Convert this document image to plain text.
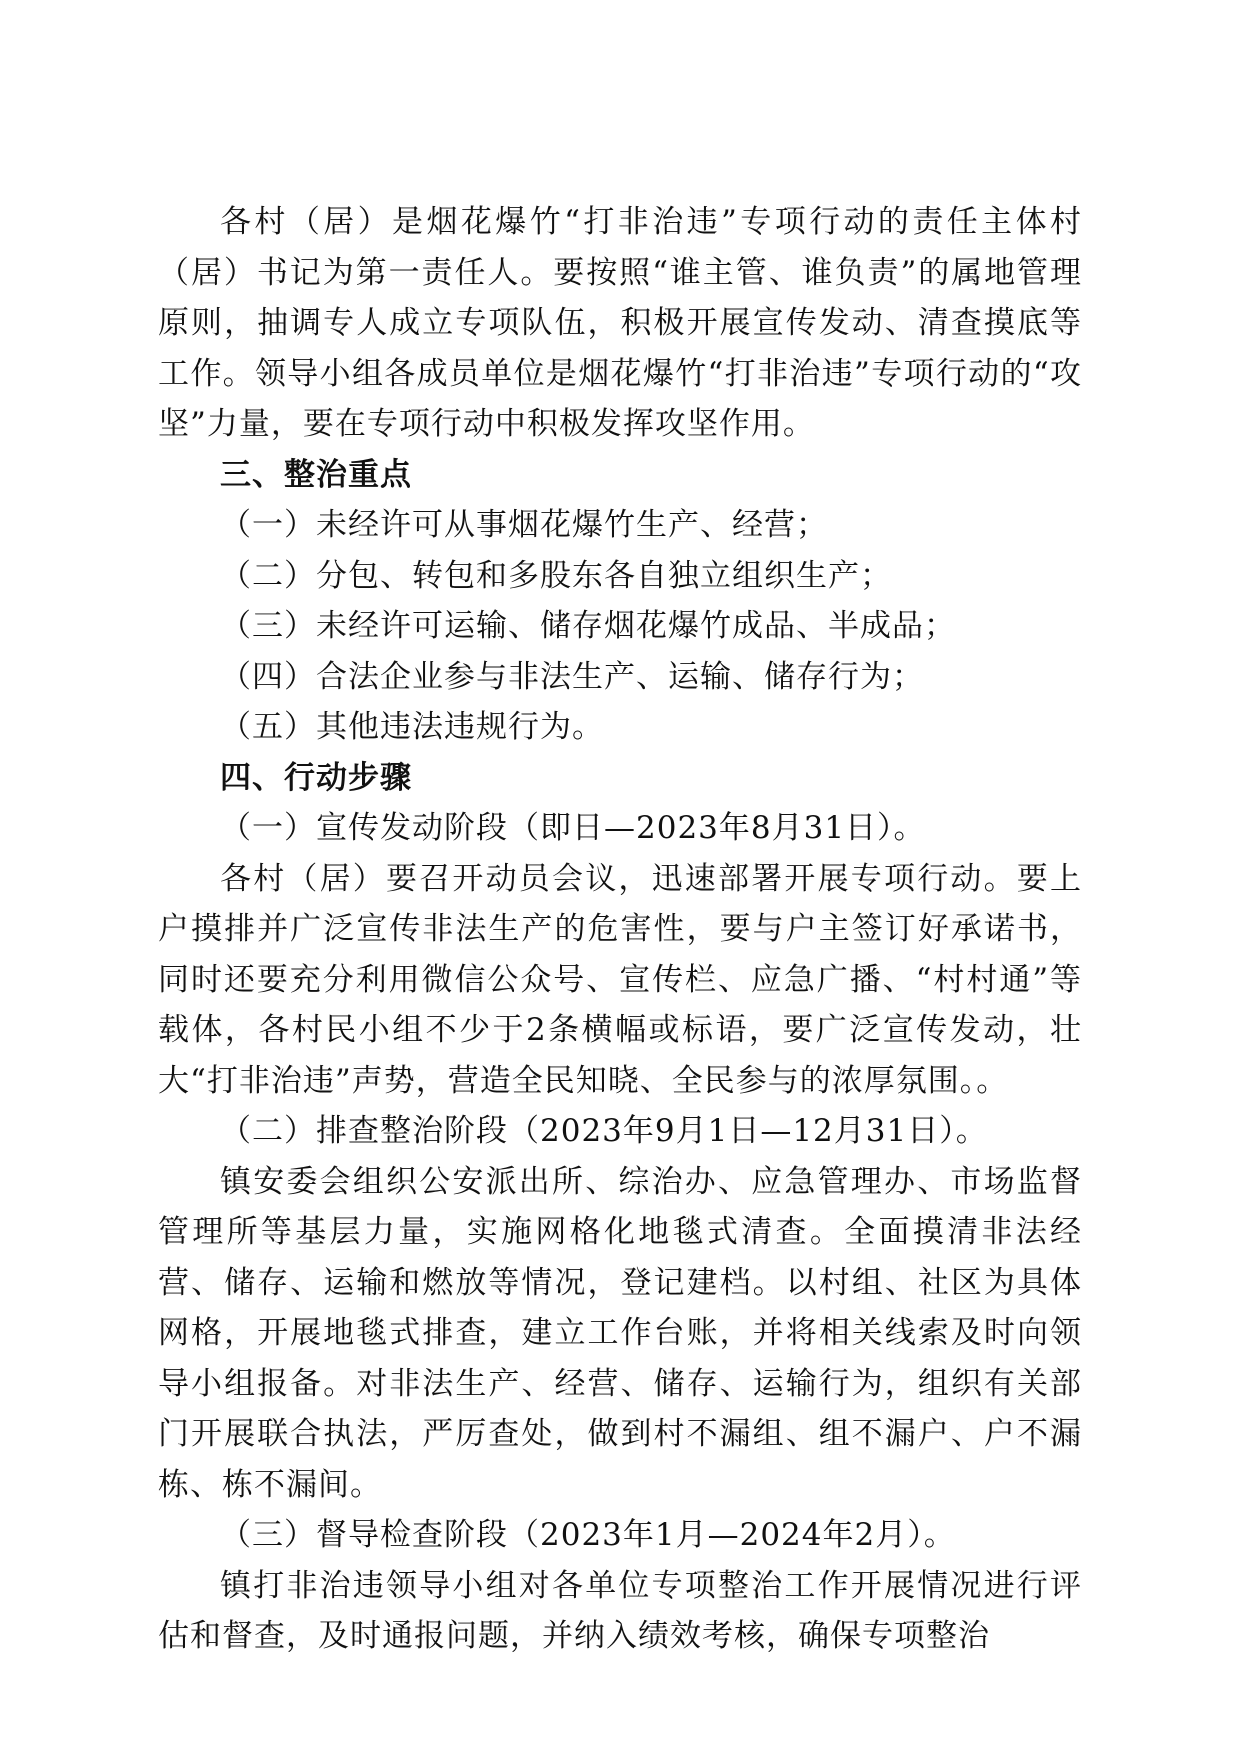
各村（居）是烟花爆竹“打非治违”专项行动的责任主体村（居）书记为第一责任人。要按照“谁主管、谁负责”的属地管理原则，抽调专人成立专项队伍，积极开展宣传发动、清查摸底等工作。领导小组各成员单位是烟花爆竹“打非治违”专项行动的“攻坚”力量，要在专项行动中积极发挥攻坚作用。

三、整治重点

（一）未经许可从事烟花爆竹生产、经营；

（二）分包、转包和多股东各自独立组织生产；

（三）未经许可运输、储存烟花爆竹成品、半成品；

（四）合法企业参与非法生产、运输、储存行为；

（五）其他违法违规行为。

四、行动步骤

（一）宣传发动阶段（即日—2023年8月31日）。

各村（居）要召开动员会议，迅速部署开展专项行动。要上户摸排并广泛宣传非法生产的危害性，要与户主签订好承诺书，同时还要充分利用微信公众号、宣传栏、应急广播、“村村通”等载体，各村民小组不少于2条横幅或标语，要广泛宣传发动，壮大“打非治违”声势，营造全民知晓、全民参与的浓厚氛围。。

（二）排查整治阶段（2023年9月1日—12月31日）。

镇安委会组织公安派出所、综治办、应急管理办、市场监督管理所等基层力量，实施网格化地毯式清查。全面摸清非法经营、储存、运输和燃放等情况，登记建档。以村组、社区为具体网格，开展地毯式排查，建立工作台账，并将相关线索及时向领导小组报备。对非法生产、经营、储存、运输行为，组织有关部门开展联合执法，严厉查处，做到村不漏组、组不漏户、户不漏栋、栋不漏间。

（三）督导检查阶段（2023年1月—2024年2月）。

镇打非治违领导小组对各单位专项整治工作开展情况进行评估和督查，及时通报问题，并纳入绩效考核，确保专项整治
